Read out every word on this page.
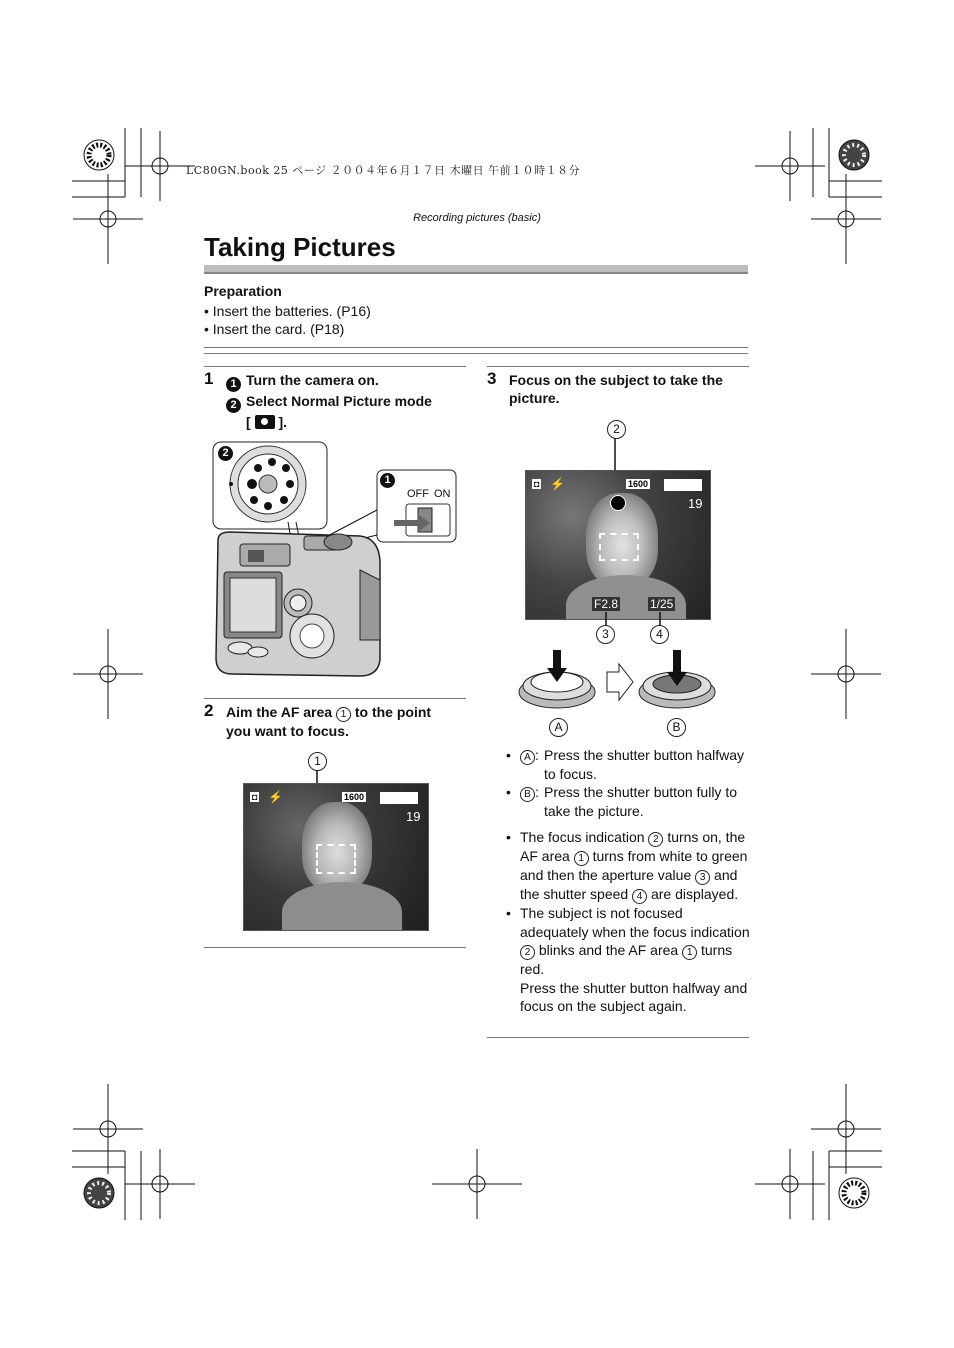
LC80GN.book 25 ページ ２００４年６月１７日 木曜日 午前１０時１８分
Recording pictures (basic)
Taking Pictures
Preparation
• Insert the batteries. (P16)
• Insert the card. (P18)
1	1 Turn the camera on.
2 Select Normal Picture mode
[ ].
2
1
OFF ON
2 Aim the AF area 1 to the point you want to focus.
1
◘ ⚡	1600
19
3 Focus on the subject to take the picture.
2
◘ ⚡	1600
19
F2.8	1/25
3	4
A	B
• A : Press the shutter button halfway to focus.
• B : Press the shutter button fully to take the picture.
• The focus indication 2 turns on, the AF area 1 turns from white to green and then the aperture value 3 and the shutter speed 4 are displayed.
• The subject is not focused adequately when the focus indication 2 blinks and the AF area 1 turns red.
Press the shutter button halfway and focus on the subject again.
